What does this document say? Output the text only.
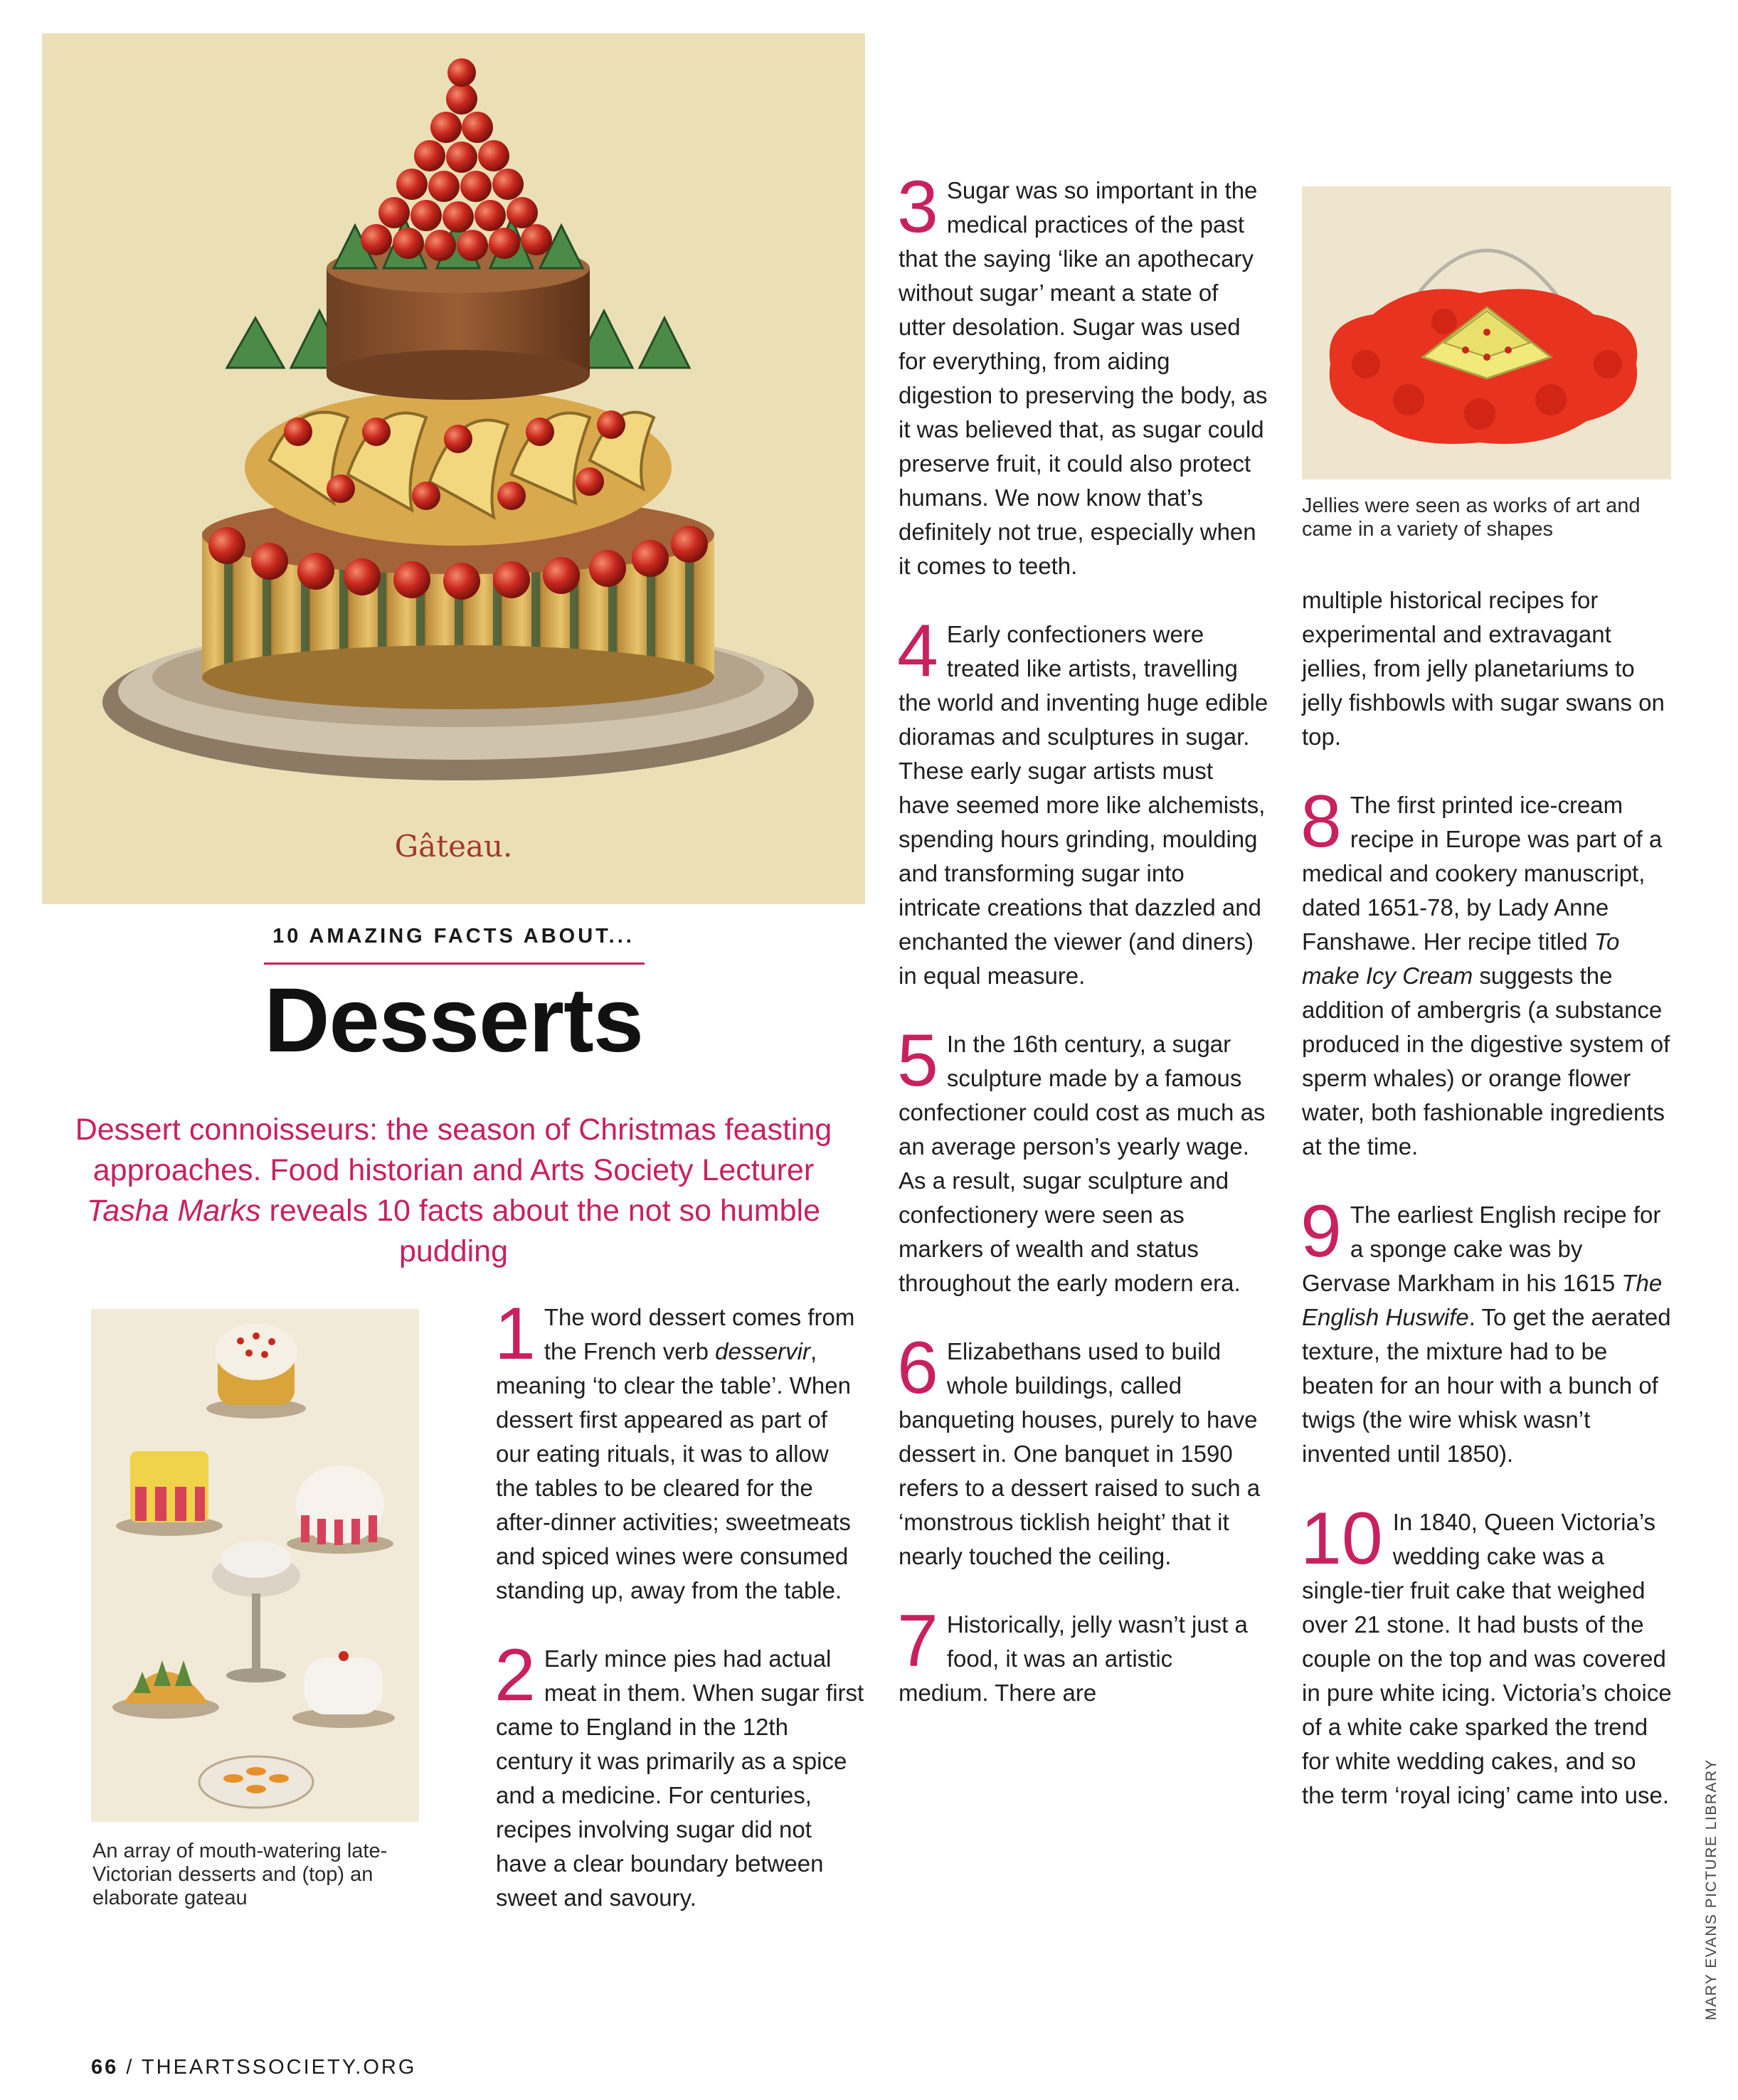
Gâteau.
10 AMAZING FACTS ABOUT...
Desserts
Dessert connoisseurs: the season of Christmas feasting approaches. Food historian and Arts Society Lecturer Tasha Marks reveals 10 facts about the not so humble pudding
An array of mouth-watering late-Victorian desserts and (top) an elaborate gateau
Jellies were seen as works of art and came in a variety of shapes
1 The word dessert comes from the French verb desservir, meaning ‘to clear the table’. When dessert first appeared as part of our eating rituals, it was to allow the tables to be cleared for the after-dinner activities; sweetmeats and spiced wines were consumed standing up, away from the table.
2 Early mince pies had actual meat in them. When sugar first came to England in the 12th century it was primarily as a spice and a medicine. For centuries, recipes involving sugar did not have a clear boundary between sweet and savoury.
3 Sugar was so important in the medical practices of the past that the saying ‘like an apothecary without sugar’ meant a state of utter desolation. Sugar was used for everything, from aiding digestion to preserving the body, as it was believed that, as sugar could preserve fruit, it could also protect humans. We now know that’s definitely not true, especially when it comes to teeth.
4 Early confectioners were treated like artists, travelling the world and inventing huge edible dioramas and sculptures in sugar. These early sugar artists must have seemed more like alchemists, spending hours grinding, moulding and transforming sugar into intricate creations that dazzled and enchanted the viewer (and diners) in equal measure.
5 In the 16th century, a sugar sculpture made by a famous confectioner could cost as much as an average person’s yearly wage. As a result, sugar sculpture and confectionery were seen as markers of wealth and status throughout the early modern era.
6 Elizabethans used to build whole buildings, called banqueting houses, purely to have dessert in. One banquet in 1590 refers to a dessert raised to such a ‘monstrous ticklish height’ that it nearly touched the ceiling.
7 Historically, jelly wasn’t just a food, it was an artistic medium. There are
multiple historical recipes for experimental and extravagant jellies, from jelly planetariums to jelly fishbowls with sugar swans on top.
8 The first printed ice-cream recipe in Europe was part of a medical and cookery manuscript, dated 1651-78, by Lady Anne Fanshawe. Her recipe titled To make Icy Cream suggests the addition of ambergris (a substance produced in the digestive system of sperm whales) or orange flower water, both fashionable ingredients at the time.
9 The earliest English recipe for a sponge cake was by Gervase Markham in his 1615 The English Huswife. To get the aerated texture, the mixture had to be beaten for an hour with a bunch of twigs (the wire whisk wasn’t invented until 1850).
10 In 1840, Queen Victoria’s wedding cake was a single-tier fruit cake that weighed over 21 stone. It had busts of the couple on the top and was covered in pure white icing. Victoria’s choice of a white cake sparked the trend for white wedding cakes, and so the term ‘royal icing’ came into use.
66 / THEARTSSOCIETY.ORG
MARY EVANS PICTURE LIBRARY
